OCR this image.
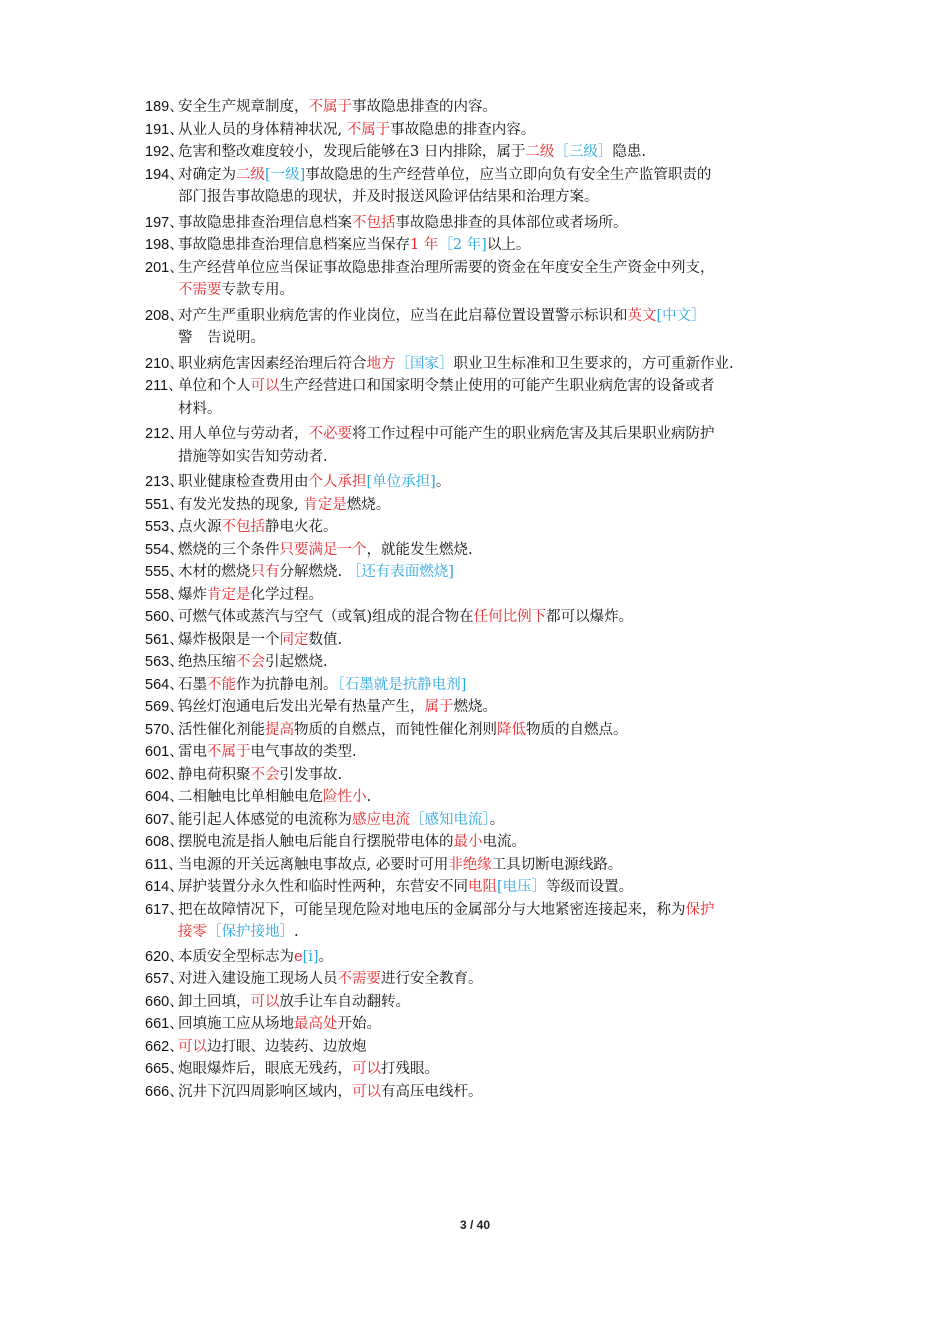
189、
安全生产规章制度，不属于事故隐患排查的内容。
191、
从业人员的身体精神状况, 不属于事故隐患的排查内容。
192、
危害和整改难度较小，发现后能够在3 日内排除，属于二级［三级］隐患.
194、
对确定为二级[一级]事故隐患的生产经营单位，应当立即向负有安全生产监管职责的
部门报告事故隐患的现状，并及时报送风险评估结果和治理方案。
197、
事故隐患排查治理信息档案不包括事故隐患排查的具体部位或者场所。
198、
事故隐患排查治理信息档案应当保存1 年［2 年]以上。
201、
生产经营单位应当保证事故隐患排查治理所需要的资金在年度安全生产资金中列支，
不需要专款专用。
208、
对产生严重职业病危害的作业岗位，应当在此启幕位置设置警示标识和英文[中文］
警　告说明。
210、
职业病危害因素经治理后符合地方［国家］职业卫生标准和卫生要求的，方可重新作业.
211、
单位和个人可以生产经营进口和国家明令禁止使用的可能产生职业病危害的设备或者
材料。
212、
用人单位与劳动者，不必要将工作过程中可能产生的职业病危害及其后果职业病防护
措施等如实告知劳动者.
213、
职业健康检查费用由个人承担[单位承担]。
551、
有发光发热的现象, 肯定是燃烧。
553、
点火源不包括静电火花。
554、
燃烧的三个条件只要满足一个，就能发生燃烧.
555、
木材的燃烧只有分解燃烧. ［还有表面燃烧]
558、
爆炸肯定是化学过程。
560、
可燃气体或蒸汽与空气（或氧)组成的混合物在任何比例下都可以爆炸。
561、
爆炸极限是一个同定数值.
563、
绝热压缩不会引起燃烧.
564、
石墨不能作为抗静电剂。［石墨就是抗静电剂]
569、
钨丝灯泡通电后发出光晕有热量产生，属于燃烧。
570、
活性催化剂能提高物质的自燃点，而钝性催化剂则降低物质的自燃点。
601、
雷电不属于电气事故的类型.
602、
静电荷积聚不会引发事故.
604、
二相触电比单相触电危险性小.
607、
能引起人体感觉的电流称为感应电流［感知电流］。
608、
摆脱电流是指人触电后能自行摆脱带电体的最小电流。
611、
当电源的开关远离触电事故点, 必要时可用非绝缘工具切断电源线路。
614、
屏护装置分永久性和临时性两种，东营安不同电阻[电压］等级而设置。
617、
把在故障情况下，可能呈现危险对地电压的金属部分与大地紧密连接起来，称为保护
接零［保护接地］.
620、
本质安全型标志为e[i]。
657、
对进入建设施工现场人员不需要进行安全教育。
660、
卸土回填，可以放手让车自动翻转。
661、
回填施工应从场地最高处开始。
662、
可以边打眼、边装药、边放炮
665、
炮眼爆炸后，眼底无残药，可以打残眼。
666、
沉井下沉四周影响区域内，可以有高压电线杆。
3 / 40
